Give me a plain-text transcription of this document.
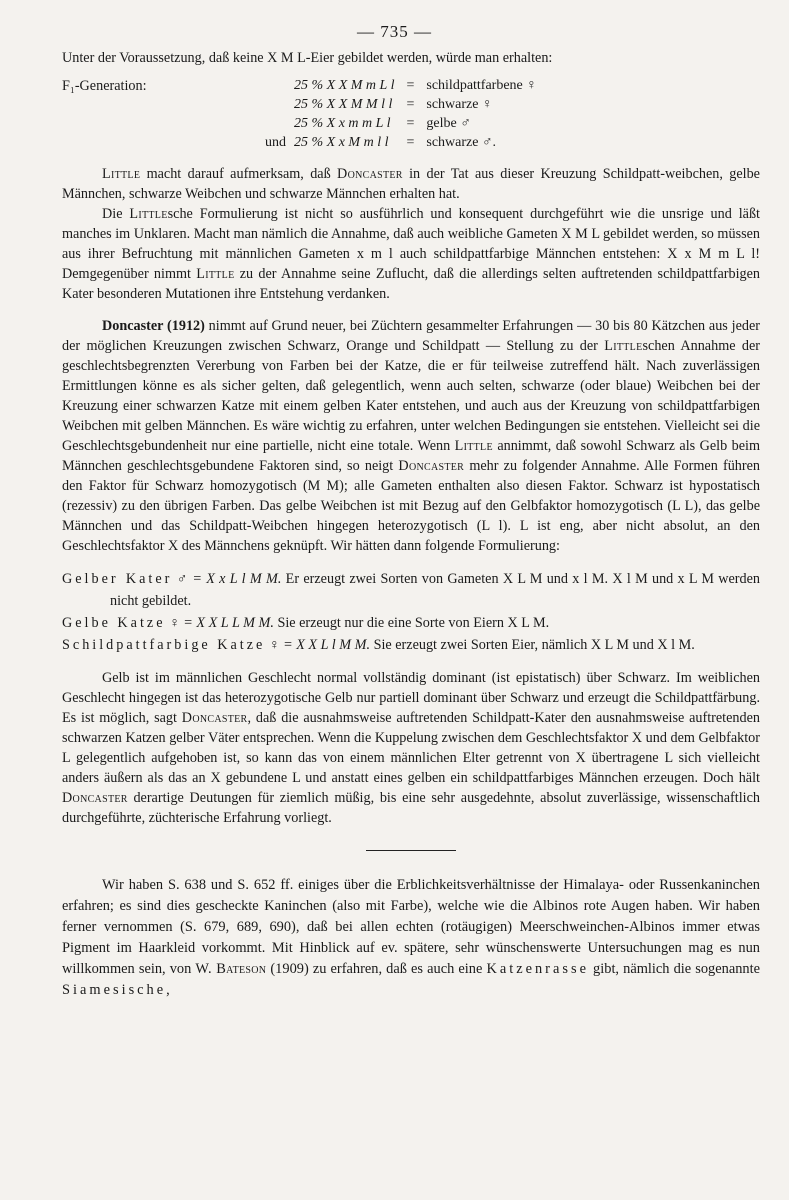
— 735 —

Unter der Voraussetzung, daß keine X M L-Eier gebildet werden, würde man erhalten:

F₁-Generation:

		25 % X X M m L l	=	schildpattfarbene ♀
	25 % X X M M l l	=	schwarze ♀
	25 % X x m m L l	=	gelbe ♂
und	25 % X x M m l l	=	schwarze ♂.

Little macht darauf aufmerksam, daß Doncaster in der Tat aus dieser Kreuzung Schildpatt-weibchen, gelbe Männchen, schwarze Weibchen und schwarze Männchen erhalten hat.

Die Littlesche Formulierung ist nicht so ausführlich und konsequent durchgeführt wie die unsrige und läßt manches im Unklaren. Macht man nämlich die Annahme, daß auch weibliche Gameten X M L gebildet werden, so müssen aus ihrer Befruchtung mit männlichen Gameten x m l auch schildpattfarbige Männchen entstehen: X x M m L l! Demgegenüber nimmt Little zu der Annahme seine Zuflucht, daß die allerdings selten auftretenden schildpattfarbigen Kater besonderen Mutationen ihre Entstehung verdanken.

Doncaster (1912) nimmt auf Grund neuer, bei Züchtern gesammelter Erfahrungen — 30 bis 80 Kätzchen aus jeder der möglichen Kreuzungen zwischen Schwarz, Orange und Schildpatt — Stellung zu der Littleschen Annahme der geschlechtsbegrenzten Vererbung von Farben bei der Katze, die er für teilweise zutreffend hält. Nach zuverlässigen Ermittlungen könne es als sicher gelten, daß gelegentlich, wenn auch selten, schwarze (oder blaue) Weibchen bei der Kreuzung einer schwarzen Katze mit einem gelben Kater entstehen, und auch aus der Kreuzung von schildpattfarbigen Weibchen mit gelben Männchen. Es wäre wichtig zu erfahren, unter welchen Bedingungen sie entstehen. Vielleicht sei die Geschlechtsgebundenheit nur eine partielle, nicht eine totale. Wenn Little annimmt, daß sowohl Schwarz als Gelb beim Männchen geschlechtsgebundene Faktoren sind, so neigt Doncaster mehr zu folgender Annahme. Alle Formen führen den Faktor für Schwarz homozygotisch (M M); alle Gameten enthalten also diesen Faktor. Schwarz ist hypostatisch (rezessiv) zu den übrigen Farben. Das gelbe Weibchen ist mit Bezug auf den Gelbfaktor homozygotisch (L L), das gelbe Männchen und das Schildpatt-Weibchen hingegen heterozygotisch (L l). L ist eng, aber nicht absolut, an den Geschlechtsfaktor X des Männchens geknüpft. Wir hätten dann folgende Formulierung:

Gelber Kater ♂ = X x L l M M. Er erzeugt zwei Sorten von Gameten X L M und x l M. X l M und x L M werden nicht gebildet.

Gelbe Katze ♀ = X X L L M M. Sie erzeugt nur die eine Sorte von Eiern X L M.

Schildpattfarbige Katze ♀ = X X L l M M. Sie erzeugt zwei Sorten Eier, nämlich X L M und X l M.

Gelb ist im männlichen Geschlecht normal vollständig dominant (ist epistatisch) über Schwarz. Im weiblichen Geschlecht hingegen ist das heterozygotische Gelb nur partiell dominant über Schwarz und erzeugt die Schildpattfärbung. Es ist möglich, sagt Doncaster, daß die ausnahmsweise auftretenden Schildpatt-Kater den ausnahmsweise auftretenden schwarzen Katzen gelber Väter entsprechen. Wenn die Kuppelung zwischen dem Geschlechtsfaktor X und dem Gelbfaktor L gelegentlich aufgehoben ist, so kann das von einem männlichen Elter getrennt von X übertragene L sich vielleicht anders äußern als das an X gebundene L und anstatt eines gelben ein schildpattfarbiges Männchen erzeugen. Doch hält Doncaster derartige Deutungen für ziemlich müßig, bis eine sehr ausgedehnte, absolut zuverlässige, wissenschaftlich durchgeführte, züchterische Erfahrung vorliegt.

Wir haben S. 638 und S. 652 ff. einiges über die Erblichkeitsverhältnisse der Himalaya- oder Russenkaninchen erfahren; es sind dies gescheckte Kaninchen (also mit Farbe), welche wie die Albinos rote Augen haben. Wir haben ferner vernommen (S. 679, 689, 690), daß bei allen echten (rotäugigen) Meerschweinchen-Albinos immer etwas Pigment im Haarkleid vorkommt. Mit Hinblick auf ev. spätere, sehr wünschenswerte Untersuchungen mag es nun willkommen sein, von W. Bateson (1909) zu erfahren, daß es auch eine Katzenrasse gibt, nämlich die sogenannte Siamesische,
